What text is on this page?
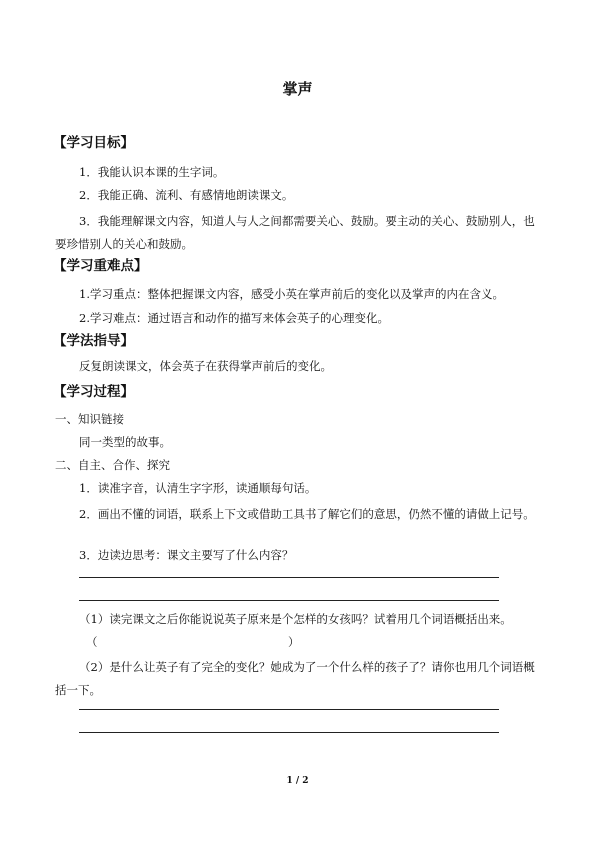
掌声
【学习目标】
1．我能认识本课的生字词。
2．我能正确、流利、有感情地朗读课文。
3．我能理解课文内容，知道人与人之间都需要关心、鼓励。要主动的关心、鼓励别人，也要珍惜别人的关心和鼓励。
【学习重难点】
1.学习重点：整体把握课文内容，感受小英在掌声前后的变化以及掌声的内在含义。
2.学习难点：通过语言和动作的描写来体会英子的心理变化。
【学法指导】
反复朗读课文，体会英子在获得掌声前后的变化。
【学习过程】
一、知识链接
同一类型的故事。
二、自主、合作、探究
1．读准字音，认清生字字形，读通顺每句话。
2．画出不懂的词语，联系上下文或借助工具书了解它们的意思，仍然不懂的请做上记号。
3．边读边思考：课文主要写了什么内容？
（1）读完课文之后你能说说英子原来是个怎样的女孩吗？试着用几个词语概括出来。
（	）
（2）是什么让英子有了完全的变化？她成为了一个什么样的孩子了？请你也用几个词语概括一下。
1 / 2
